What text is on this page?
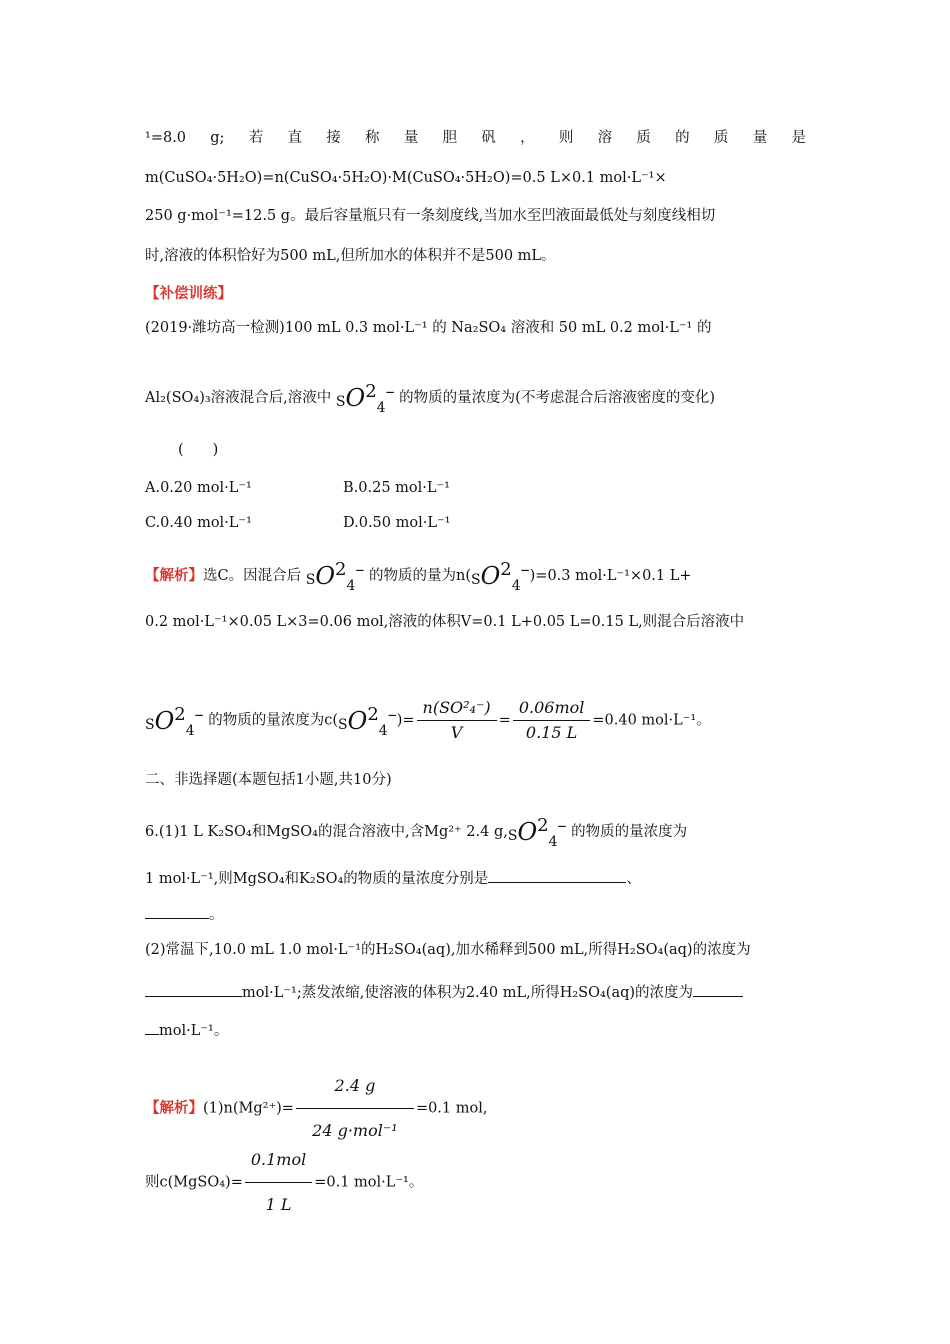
¹=8.0 g; 若 直 接 称 量 胆 矾 ， 则 溶 质 的 质 量 是
m(CuSO₄·5H₂O)=n(CuSO₄·5H₂O)·M(CuSO₄·5H₂O)=0.5 L×0.1 mol·L⁻¹×
250 g·mol⁻¹=12.5 g。最后容量瓶只有一条刻度线,当加水至凹液面最低处与刻度线相切
时,溶液的体积恰好为500 mL,但所加水的体积并不是500 mL。
【补偿训练】
(2019·潍坊高一检测)100 mL 0.3 mol·L⁻¹ 的 Na₂SO₄ 溶液和 50 mL 0.2 mol·L⁻¹ 的
Al₂(SO₄)₃溶液混合后,溶液中 $SO^2_4^-$ 的物质的量浓度为(不考虑混合后溶液密度的变化)
(　　)
A.0.20 mol·L⁻¹	B.0.25 mol·L⁻¹
C.0.40 mol·L⁻¹	D.0.50 mol·L⁻¹
【解析】选C。因混合后 $SO^2_4^-$ 的物质的量为$n(SO^2_4^-)=0.3$ mol·L⁻¹×0.1 L+
0.2 mol·L⁻¹×0.05 L×3=0.06 mol,溶液的体积V=0.1 L+0.05 L=0.15 L,则混合后溶液中
$SO^2_4^-$ 的物质的量浓度为$c(SO^2_4^-)= \frac{\text{n(SO²₄⁻)}}{V} = \frac{\text{0.06mol}}{0.15 L} =0.40$ mol·L⁻¹。
二、非选择题(本题包括1小题,共10分)
6.(1)1 L K₂SO₄和MgSO₄的混合溶液中,含Mg²⁺ 2.4 $g,SO^2_4^-$ 的物质的量浓度为
1 mol·L⁻¹,则MgSO₄和K₂SO₄的物质的量浓度分别是	、
。
(2)常温下,10.0 mL 1.0 mol·L⁻¹的H₂SO₄(aq),加水稀释到500 mL,所得H₂SO₄(aq)的浓度为
mol·L⁻¹;蒸发浓缩,使溶液的体积为2.40 mL,所得H₂SO₄(aq)的浓度为
mol·L⁻¹。
【解析】$(1)n(Mg^{2+})= \frac{2.4 g}{\text{24 g·mol⁻¹}} =0.1$ mol,
则c(MgSO₄)= $\frac{\text{0.1mol}}{1 L} =0.1$ mol·L⁻¹。
